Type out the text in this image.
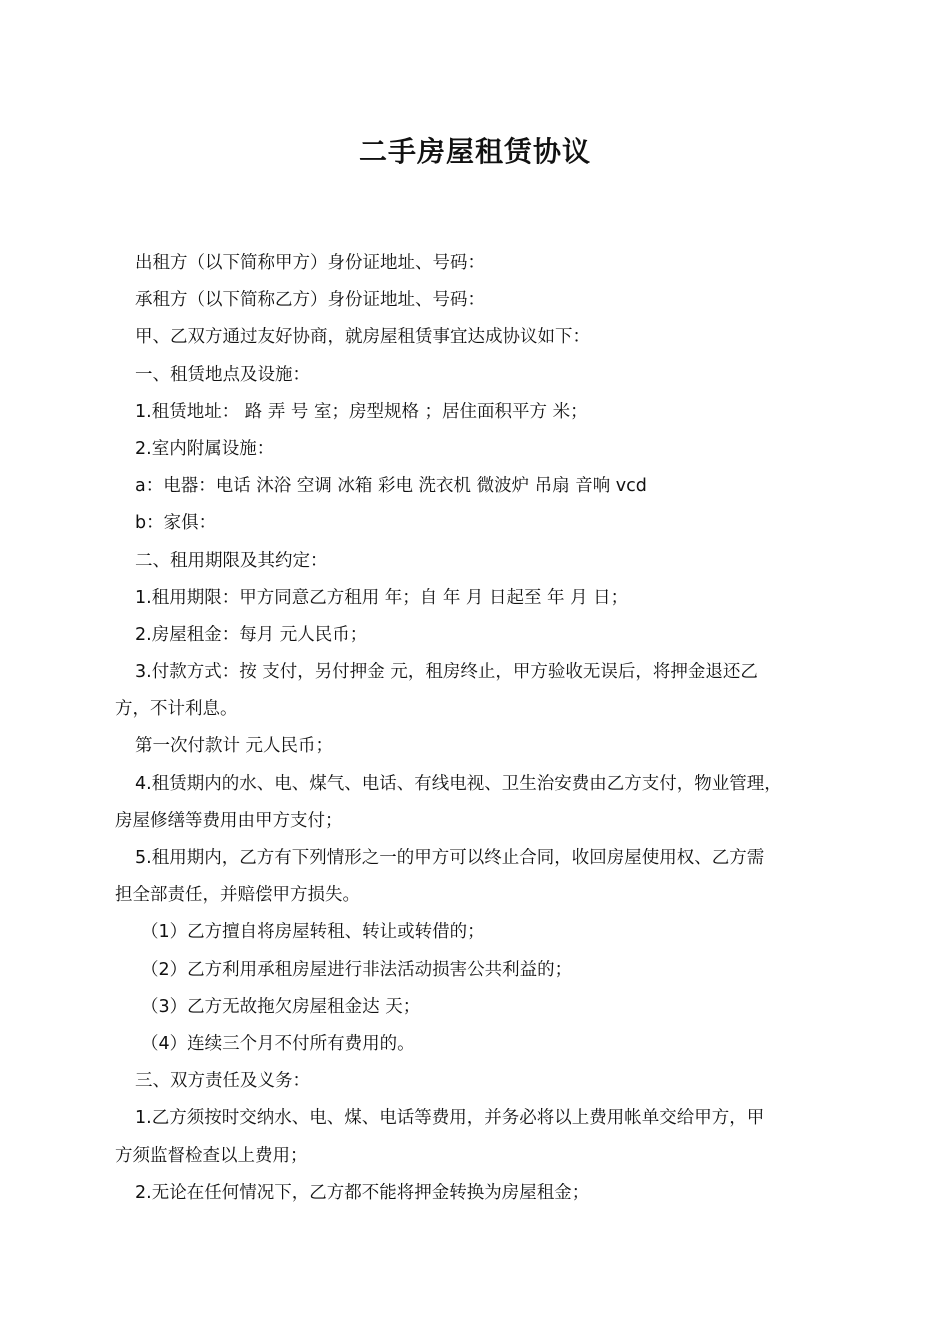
二手房屋租赁协议

出租方（以下简称甲方）身份证地址、号码：

承租方（以下简称乙方）身份证地址、号码：

甲、乙双方通过友好协商，就房屋租赁事宜达成协议如下：

一、租赁地点及设施：

1.租赁地址： 路 弄 号 室；房型规格 ；居住面积平方 米；

2.室内附属设施：

a：电器：电话 沐浴 空调 冰箱 彩电 洗衣机 微波炉 吊扇 音响 vcd

b：家俱：

二、租用期限及其约定：

1.租用期限：甲方同意乙方租用 年；自 年 月 日起至 年 月 日；

2.房屋租金：每月 元人民币；

3.付款方式：按 支付，另付押金 元，租房终止，甲方验收无误后，将押金退还乙

方，不计利息。

第一次付款计 元人民币；

4.租赁期内的水、电、煤气、电话、有线电视、卫生治安费由乙方支付，物业管理，

房屋修缮等费用由甲方支付；

5.租用期内，乙方有下列情形之一的甲方可以终止合同，收回房屋使用权、乙方需

担全部责任，并赔偿甲方损失。

（1）乙方擅自将房屋转租、转让或转借的；

（2）乙方利用承租房屋进行非法活动损害公共利益的；

（3）乙方无故拖欠房屋租金达 天；

（4）连续三个月不付所有费用的。

三、双方责任及义务：

1.乙方须按时交纳水、电、煤、电话等费用，并务必将以上费用帐单交给甲方，甲

方须监督检查以上费用；

2.无论在任何情况下，乙方都不能将押金转换为房屋租金；
